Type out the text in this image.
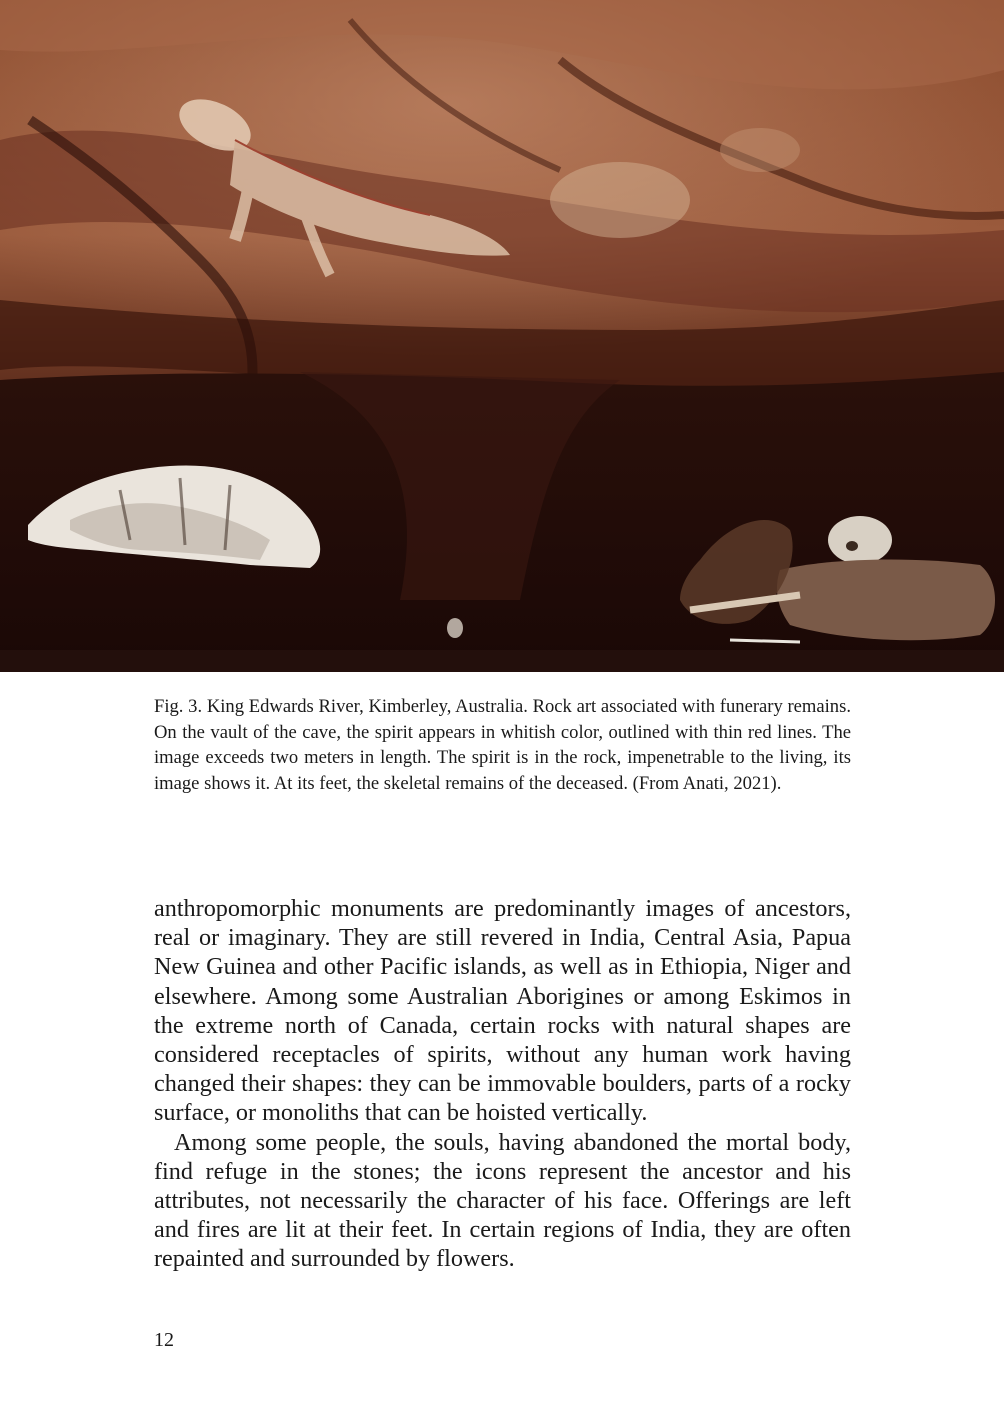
Fig. 3. King Edwards River, Kimberley, Australia. Rock art associated with funerary remains. On the vault of the cave, the spirit appears in whitish color, outlined with thin red lines. The image exceeds two meters in length. The spirit is in the rock, impenetrable to the living, its image shows it. At its feet, the skeletal remains of the deceased. (From Anati, 2021).

anthropomorphic monuments are predominantly images of ancestors, real or imaginary. They are still revered in India, Central Asia, Papua New Guinea and other Pacific islands, as well as in Ethiopia, Niger and elsewhere. Among some Australian Aborigines or among Eskimos in the extreme north of Canada, certain rocks with natural shapes are considered receptacles of spirits, without any human work having changed their shapes: they can be immovable boulders, parts of a rocky surface, or monoliths that can be hoisted vertically.

Among some people, the souls, having abandoned the mortal body, find refuge in the stones; the icons represent the ancestor and his attributes, not necessarily the character of his face. Offerings are left and fires are lit at their feet. In certain regions of India, they are often repainted and surrounded by flowers.

12
